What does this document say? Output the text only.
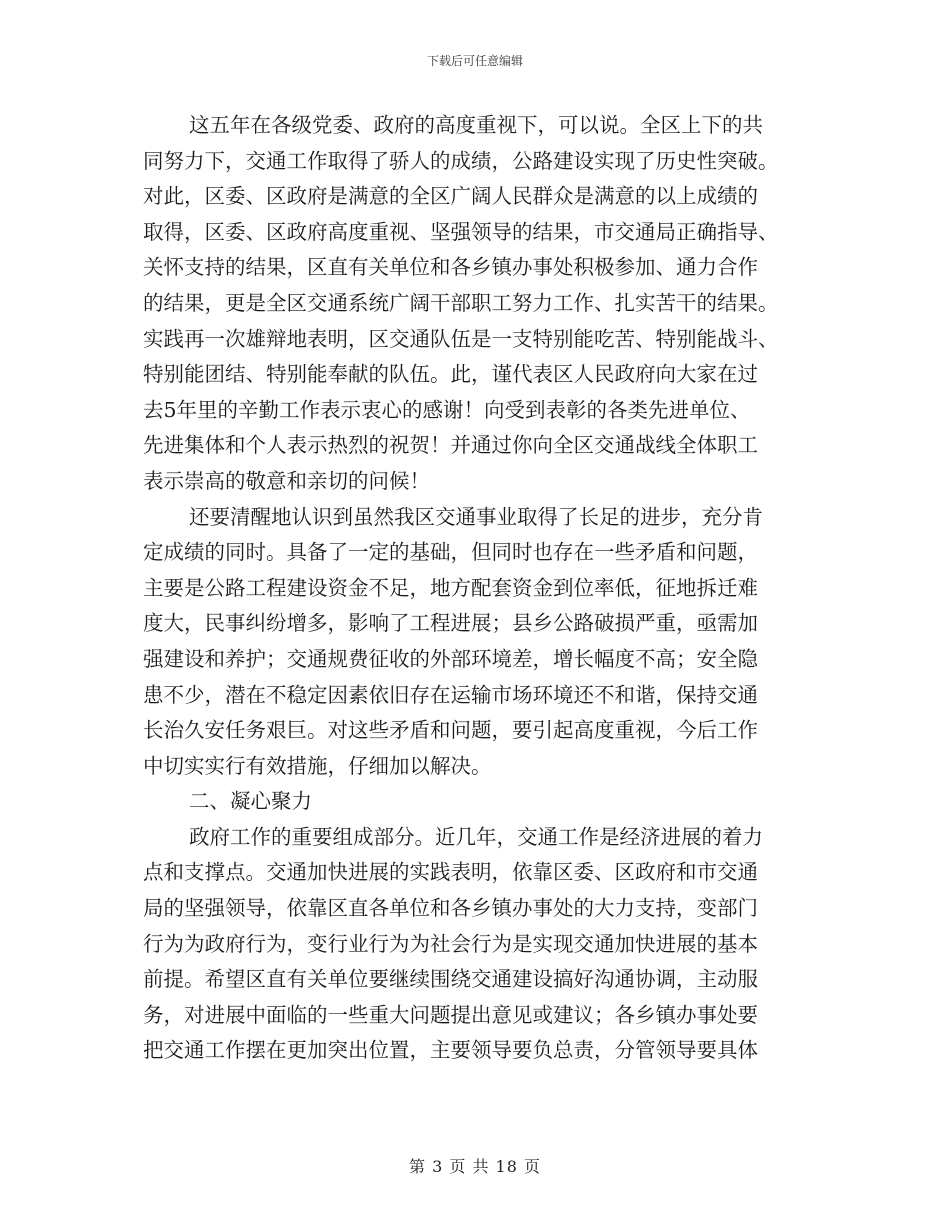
下载后可任意编辑
这五年在各级党委、政府的高度重视下，可以说。全区上下的共
同努力下，交通工作取得了骄人的成绩，公路建设实现了历史性突破。
对此，区委、区政府是满意的全区广阔人民群众是满意的以上成绩的
取得，区委、区政府高度重视、坚强领导的结果，市交通局正确指导、
关怀支持的结果，区直有关单位和各乡镇办事处积极参加、通力合作
的结果，更是全区交通系统广阔干部职工努力工作、扎实苦干的结果。
实践再一次雄辩地表明，区交通队伍是一支特别能吃苦、特别能战斗、
特别能团结、特别能奉献的队伍。此，谨代表区人民政府向大家在过
去5年里的辛勤工作表示衷心的感谢！向受到表彰的各类先进单位、
先进集体和个人表示热烈的祝贺！并通过你向全区交通战线全体职工
表示崇高的敬意和亲切的问候！
还要清醒地认识到虽然我区交通事业取得了长足的进步，充分肯
定成绩的同时。具备了一定的基础，但同时也存在一些矛盾和问题，
主要是公路工程建设资金不足，地方配套资金到位率低，征地拆迁难
度大，民事纠纷增多，影响了工程进展；县乡公路破损严重，亟需加
强建设和养护；交通规费征收的外部环境差，增长幅度不高；安全隐
患不少，潜在不稳定因素依旧存在运输市场环境还不和谐，保持交通
长治久安任务艰巨。对这些矛盾和问题，要引起高度重视，今后工作
中切实实行有效措施，仔细加以解决。
二、凝心聚力
政府工作的重要组成部分。近几年，交通工作是经济进展的着力
点和支撑点。交通加快进展的实践表明，依靠区委、区政府和市交通
局的坚强领导，依靠区直各单位和各乡镇办事处的大力支持，变部门
行为为政府行为，变行业行为为社会行为是实现交通加快进展的基本
前提。希望区直有关单位要继续围绕交通建设搞好沟通协调，主动服
务，对进展中面临的一些重大问题提出意见或建议；各乡镇办事处要
把交通工作摆在更加突出位置，主要领导要负总责，分管领导要具体
第 3 页 共 18 页
